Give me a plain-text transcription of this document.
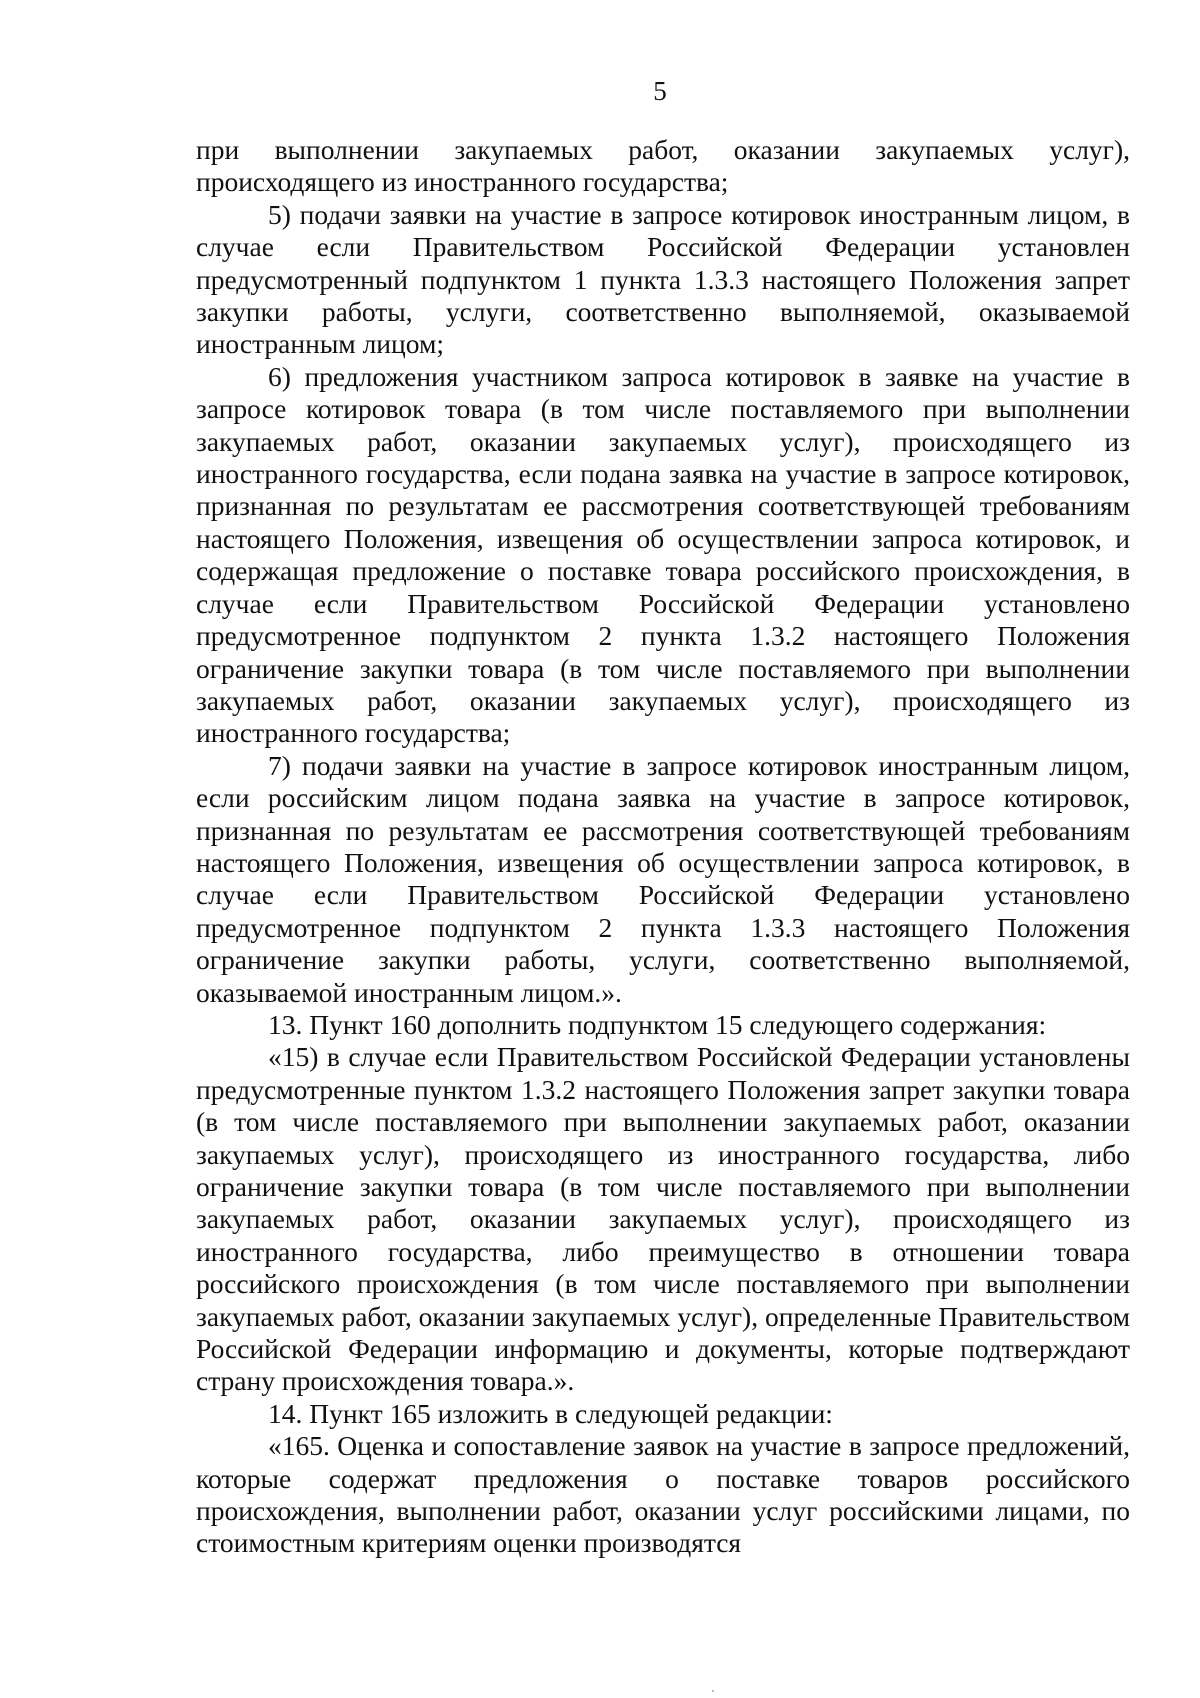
5

при выполнении закупаемых работ, оказании закупаемых услуг), происходящего из иностранного государства;

5) подачи заявки на участие в запросе котировок иностранным лицом, в случае если Правительством Российской Федерации установлен предусмотренный подпунктом 1 пункта 1.3.3 настоящего Положения запрет закупки работы, услуги, соответственно выполняемой, оказываемой иностранным лицом;

6) предложения участником запроса котировок в заявке на участие в запросе котировок товара (в том числе поставляемого при выполнении закупаемых работ, оказании закупаемых услуг), происходящего из иностранного государства, если подана заявка на участие в запросе котировок, признанная по результатам ее рассмотрения соответствующей требованиям настоящего Положения, извещения об осуществлении запроса котировок, и содержащая предложение о поставке товара российского происхождения, в случае если Правительством Российской Федерации установлено предусмотренное подпунктом 2 пункта 1.3.2 настоящего Положения ограничение закупки товара (в том числе поставляемого при выполнении закупаемых работ, оказании закупаемых услуг), происходящего из иностранного государства;

7) подачи заявки на участие в запросе котировок иностранным лицом, если российским лицом подана заявка на участие в запросе котировок, признанная по результатам ее рассмотрения соответствующей требованиям настоящего Положения, извещения об осуществлении запроса котировок, в случае если Правительством Российской Федерации установлено предусмотренное подпунктом 2 пункта 1.3.3 настоящего Положения ограничение закупки работы, услуги, соответственно выполняемой, оказываемой иностранным лицом.».

13. Пункт 160 дополнить подпунктом 15 следующего содержания:

«15) в случае если Правительством Российской Федерации установлены предусмотренные пунктом 1.3.2 настоящего Положения запрет закупки товара (в том числе поставляемого при выполнении закупаемых работ, оказании закупаемых услуг), происходящего из иностранного государства, либо ограничение закупки товара (в том числе поставляемого при выполнении закупаемых работ, оказании закупаемых услуг), происходящего из иностранного государства, либо преимущество в отношении товара российского происхождения (в том числе поставляемого при выполнении закупаемых работ, оказании закупаемых услуг), определенные Правительством Российской Федерации информацию и документы, которые подтверждают страну происхождения товара.».

14. Пункт 165 изложить в следующей редакции:

«165. Оценка и сопоставление заявок на участие в запросе предложений, которые содержат предложения о поставке товаров российского происхождения, выполнении работ, оказании услуг российскими лицами, по стоимостным критериям оценки производятся
